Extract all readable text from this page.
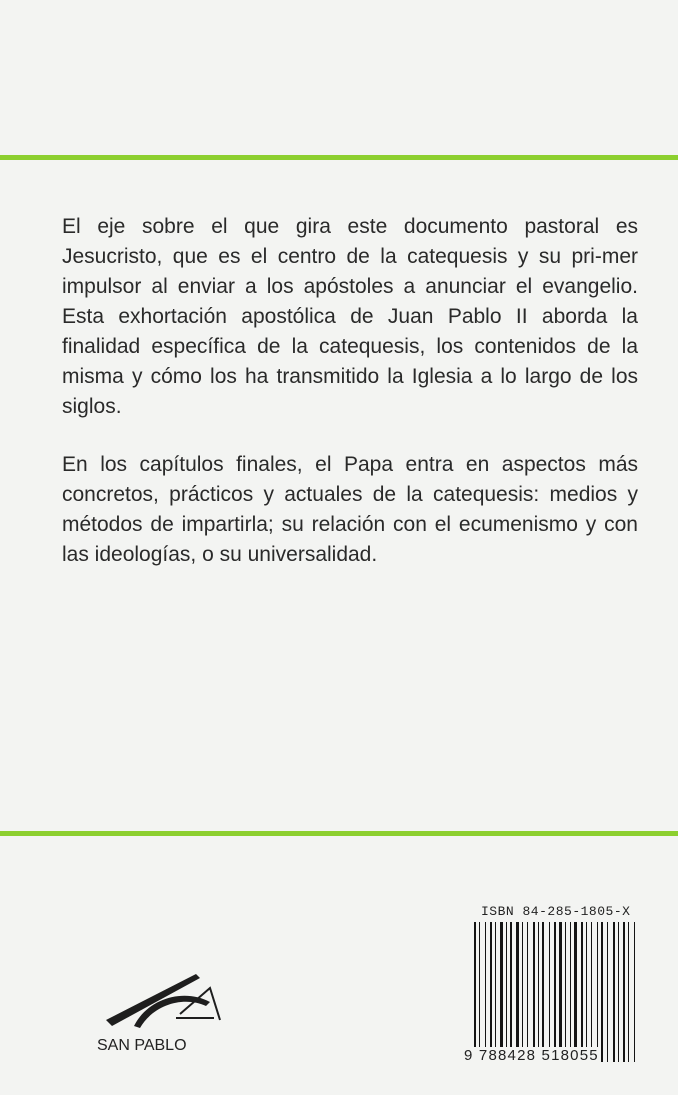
El eje sobre el que gira este documento pastoral es Jesucristo, que es el centro de la catequesis y su pri-mer impulsor al enviar a los apóstoles a anunciar el evangelio. Esta exhortación apostólica de Juan Pablo II aborda la finalidad específica de la catequesis, los contenidos de la misma y cómo los ha transmitido la Iglesia a lo largo de los siglos.

En los capítulos finales, el Papa entra en aspectos más concretos, prácticos y actuales de la catequesis: medios y métodos de impartirla; su relación con el ecumenismo y con las ideologías, o su universalidad.

SAN PABLO
ISBN 84-285-1805-X
9 788428 518055
